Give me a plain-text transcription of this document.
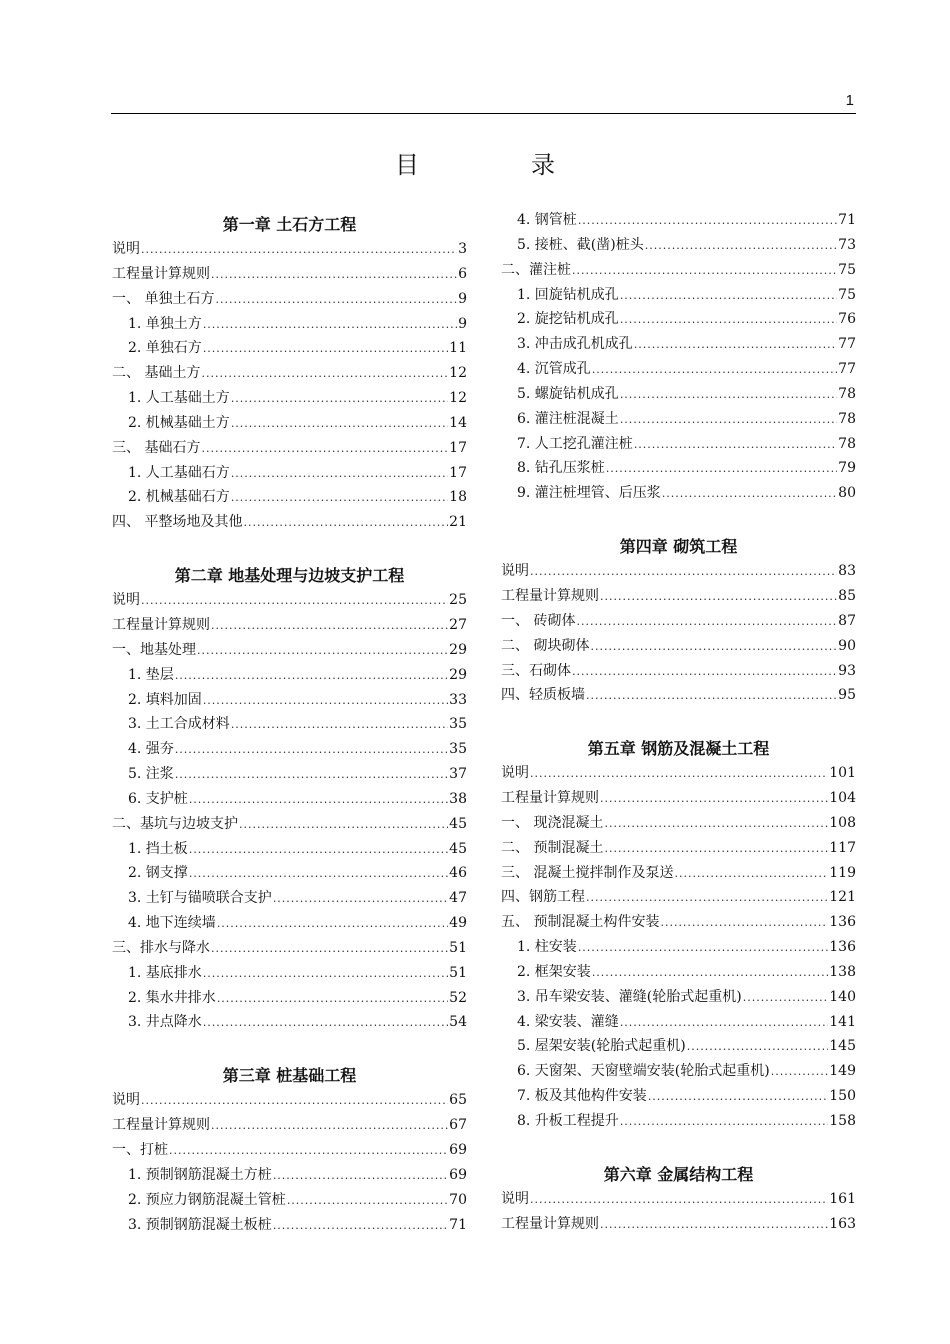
1
目　录
第一章 土石方工程
说明 .....	3
工程量计算规则 .....	6
一、 单独土石方 .....	9
1. 单独土方 .....	9
2. 单独石方 .....	11
二、 基础土方 .....	12
1. 人工基础土方 .....	12
2. 机械基础土方 .....	14
三、 基础石方 .....	17
1. 人工基础石方 .....	17
2. 机械基础石方 .....	18
四、 平整场地及其他 .....	21
第二章 地基处理与边坡支护工程
说明 .....	25
工程量计算规则 .....	27
一、地基处理 .....	29
1. 垫层 .....	29
2. 填料加固 .....	33
3. 土工合成材料 .....	35
4. 强夯 .....	35
5. 注浆 .....	37
6. 支护桩 .....	38
二、基坑与边坡支护 .....	45
1. 挡土板 .....	45
2. 钢支撑 .....	46
3. 土钉与锚喷联合支护 .....	47
4. 地下连续墙 .....	49
三、排水与降水 .....	51
1. 基底排水 .....	51
2. 集水井排水 .....	52
3. 井点降水 .....	54
第三章 桩基础工程
说明 .....	65
工程量计算规则 .....	67
一、打桩 .....	69
1. 预制钢筋混凝土方桩 .....	69
2. 预应力钢筋混凝土管桩 .....	70
3. 预制钢筋混凝土板桩 .....	71
4. 钢管桩 .....	71
5. 接桩、截(凿)桩头 .....	73
二、灌注桩 .....	75
1. 回旋钻机成孔 .....	75
2. 旋挖钻机成孔 .....	76
3. 冲击成孔机成孔 .....	77
4. 沉管成孔 .....	77
5. 螺旋钻机成孔 .....	78
6. 灌注桩混凝土 .....	78
7. 人工挖孔灌注桩 .....	78
8. 钻孔压浆桩 .....	79
9. 灌注桩埋管、后压浆 .....	80
第四章 砌筑工程
说明 .....	83
工程量计算规则 .....	85
一、 砖砌体 .....	87
二、 砌块砌体 .....	90
三、石砌体 .....	93
四、轻质板墙 .....	95
第五章 钢筋及混凝土工程
说明 .....	101
工程量计算规则 .....	104
一、 现浇混凝土 .....	108
二、 预制混凝土 .....	117
三、 混凝土搅拌制作及泵送 .....	119
四、钢筋工程 .....	121
五、 预制混凝土构件安装 .....	136
1. 柱安装 .....	136
2. 框架安装 .....	138
3. 吊车梁安装、灌缝(轮胎式起重机) .....	140
4. 梁安装、灌缝 .....	141
5. 屋架安装(轮胎式起重机) .....	145
6. 天窗架、天窗壁端安装(轮胎式起重机) .....	149
7. 板及其他构件安装 .....	150
8. 升板工程提升 .....	158
第六章 金属结构工程
说明 .....	161
工程量计算规则 .....	163
